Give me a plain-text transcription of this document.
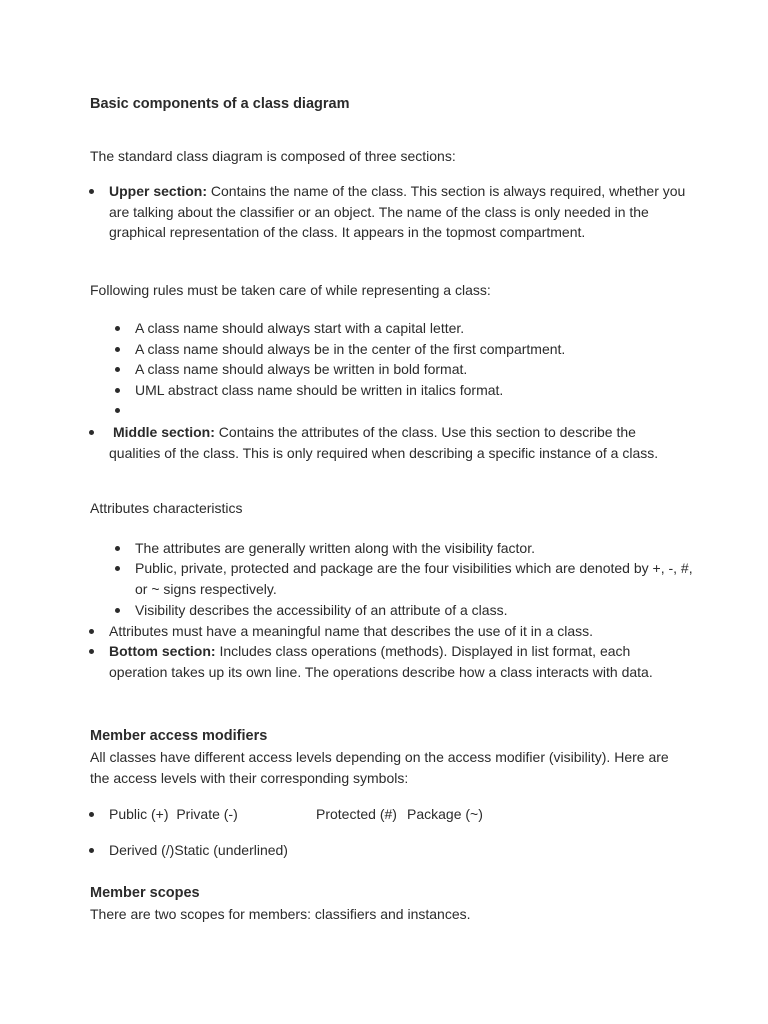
Basic components of a class diagram

The standard class diagram is composed of three sections:

Upper section: Contains the name of the class. This section is always required, whether you are talking about the classifier or an object. The name of the class is only needed in the graphical representation of the class. It appears in the topmost compartment.

Following rules must be taken care of while representing a class:

A class name should always start with a capital letter.
A class name should always be in the center of the first compartment.
A class name should always be written in bold format.
UML abstract class name should be written in italics format.
Middle section: Contains the attributes of the class. Use this section to describe the qualities of the class. This is only required when describing a specific instance of a class.

Attributes characteristics

The attributes are generally written along with the visibility factor.
Public, private, protected and package are the four visibilities which are denoted by +, -, #, or ~ signs respectively.
Visibility describes the accessibility of an attribute of a class.
Attributes must have a meaningful name that describes the use of it in a class.
Bottom section: Includes class operations (methods). Displayed in list format, each operation takes up its own line. The operations describe how a class interacts with data.

Member access modifiers

All classes have different access levels depending on the access modifier (visibility). Here are the access levels with their corresponding symbols:

Public (+) Private (-)	Protected (#) Package (~)
Derived (/)Static (underlined)

Member scopes

There are two scopes for members: classifiers and instances.
